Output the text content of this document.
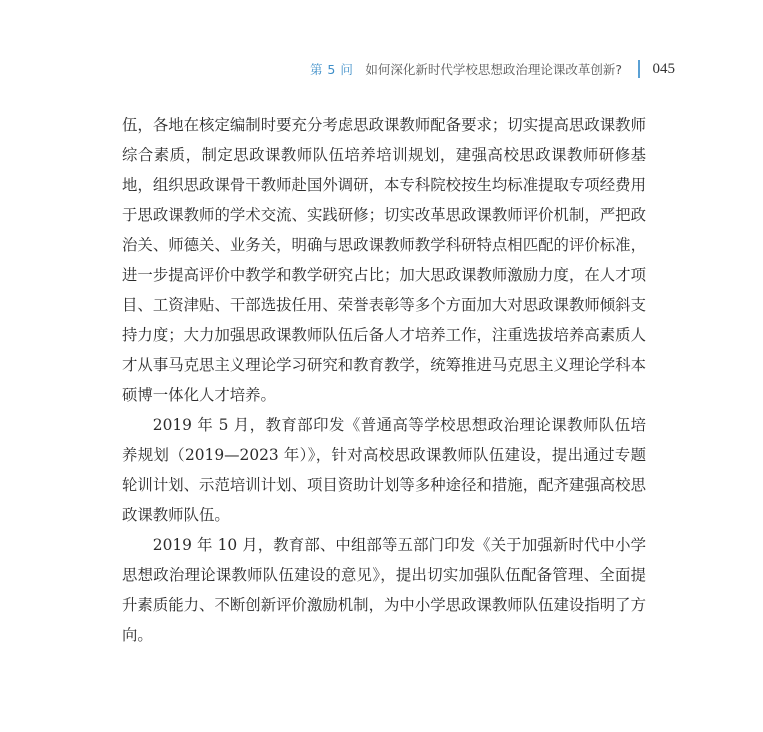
第 5 问 如何深化新时代学校思想政治理论课改革创新? 045

伍，各地在核定编制时要充分考虑思政课教师配备要求；切实提高思政课教师综合素质，制定思政课教师队伍培养培训规划，建强高校思政课教师研修基地，组织思政课骨干教师赴国外调研，本专科院校按生均标准提取专项经费用于思政课教师的学术交流、实践研修；切实改革思政课教师评价机制，严把政治关、师德关、业务关，明确与思政课教师教学科研特点相匹配的评价标准，进一步提高评价中教学和教学研究占比；加大思政课教师激励力度，在人才项目、工资津贴、干部选拔任用、荣誉表彰等多个方面加大对思政课教师倾斜支持力度；大力加强思政课教师队伍后备人才培养工作，注重选拔培养高素质人才从事马克思主义理论学习研究和教育教学，统筹推进马克思主义理论学科本硕博一体化人才培养。

2019 年 5 月，教育部印发《普通高等学校思想政治理论课教师队伍培养规划（2019—2023 年）》，针对高校思政课教师队伍建设，提出通过专题轮训计划、示范培训计划、项目资助计划等多种途径和措施，配齐建强高校思政课教师队伍。

2019 年 10 月，教育部、中组部等五部门印发《关于加强新时代中小学思想政治理论课教师队伍建设的意见》，提出切实加强队伍配备管理、全面提升素质能力、不断创新评价激励机制，为中小学思政课教师队伍建设指明了方向。
